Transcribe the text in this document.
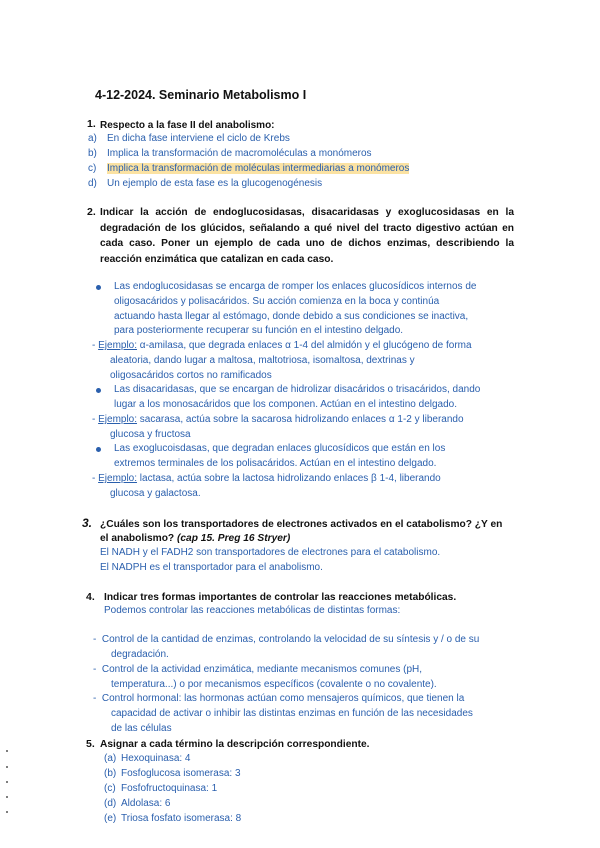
4-12-2024. Seminario Metabolismo I
1. Respecto a la fase II del anabolismo:
a) En dicha fase interviene el ciclo de Krebs
b) Implica la transformación de macromoléculas a monómeros
c) Implica la transformación de moléculas intermediarias a monómeros
d) Un ejemplo de esta fase es la glucogenogénesis
2. Indicar la acción de endoglucosidasas, disacaridasas y exoglucosidasas en la
degradación de los glúcidos, señalando a qué nivel del tracto digestivo actúan en
cada caso. Poner un ejemplo de cada uno de dichos enzimas, describiendo la
reacción enzimática que catalizan en cada caso.
Las endoglucosidasas se encarga de romper los enlaces glucosídicos internos de
oligosacáridos y polisacáridos. Su acción comienza en la boca y continúa
actuando hasta llegar al estómago, donde debido a sus condiciones se inactiva,
para posteriormente recuperar su función en el intestino delgado.
- Ejemplo: α-amilasa, que degrada enlaces α 1-4 del almidón y el glucógeno de forma
aleatoria, dando lugar a maltosa, maltotriosa, isomaltosa, dextrinas y
oligosacáridos cortos no ramificados
Las disacaridasas, que se encargan de hidrolizar disacáridos o trisacáridos, dando
lugar a los monosacáridos que los componen. Actúan en el intestino delgado.
- Ejemplo: sacarasa, actúa sobre la sacarosa hidrolizando enlaces α 1-2 y liberando
glucosa y fructosa
Las exoglucoisdasas, que degradan enlaces glucosídicos que están en los
extremos terminales de los polisacáridos. Actúan en el intestino delgado.
- Ejemplo: lactasa, actúa sobre la lactosa hidrolizando enlaces β 1-4, liberando
glucosa y galactosa.
3. ¿Cuáles son los transportadores de electrones activados en el catabolismo? ¿Y en
el anabolismo? (cap 15. Preg 16 Stryer)
El NADH y el FADH2 son transportadores de electrones para el catabolismo.
El NADPH es el transportador para el anabolismo.
4. Indicar tres formas importantes de controlar las reacciones metabólicas.
Podemos controlar las reacciones metabólicas de distintas formas:
-  Control de la cantidad de enzimas, controlando la velocidad de su síntesis y / o de su
degradación.
-  Control de la actividad enzimática, mediante mecanismos comunes (pH,
temperatura...) o por mecanismos específicos (covalente o no covalente).
-  Control hormonal: las hormonas actúan como mensajeros químicos, que tienen la
capacidad de activar o inhibir las distintas enzimas en función de las necesidades
de las células
5. Asignar a cada término la descripción correspondiente.
(a) Hexoquinasa: 4
(b) Fosfoglucosa isomerasa: 3
(c) Fosfofructoquinasa: 1
(d) Aldolasa: 6
(e) Triosa fosfato isomerasa: 8
